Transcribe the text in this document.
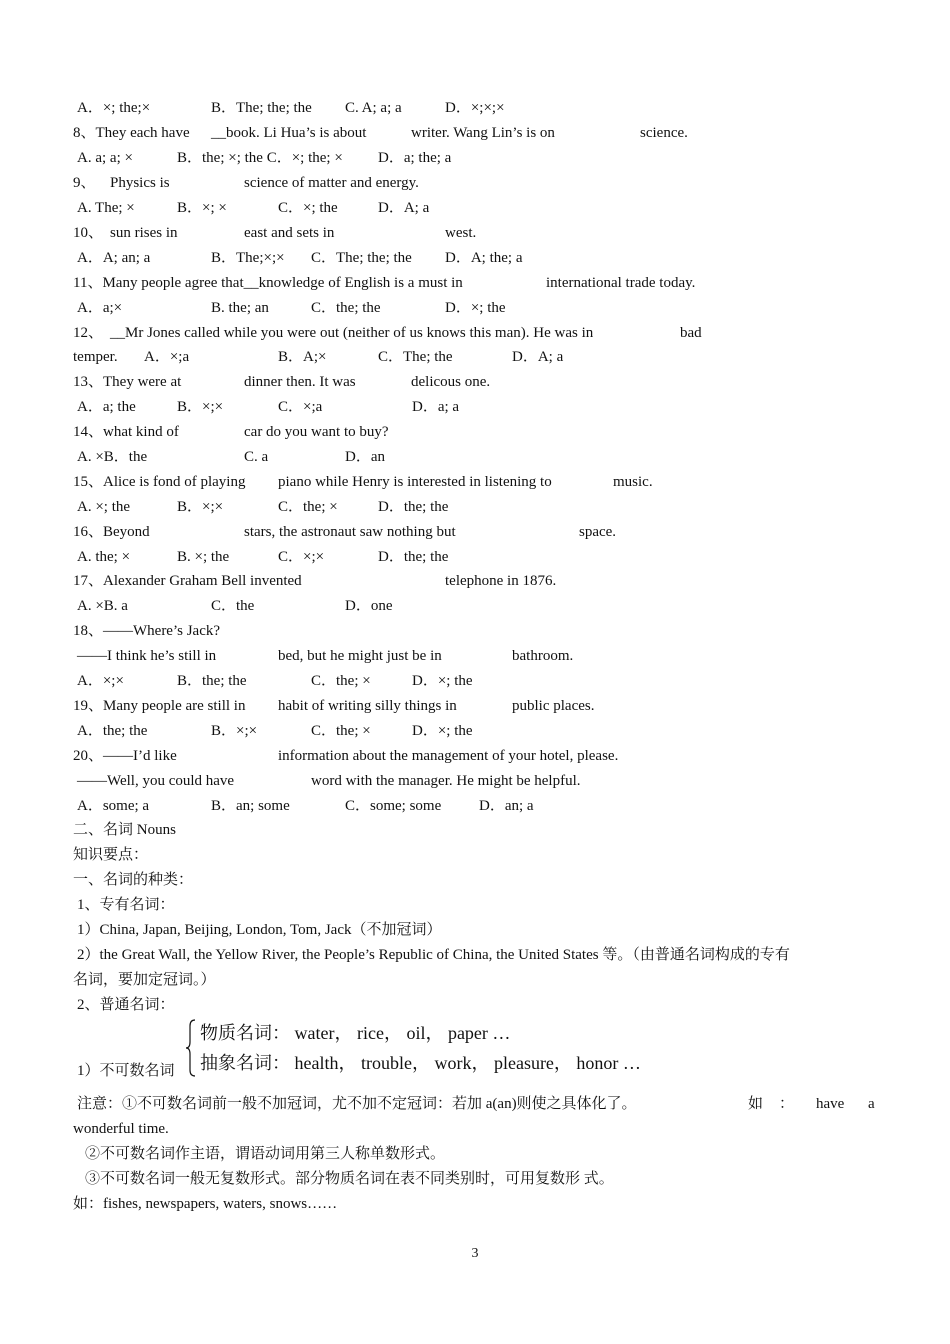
A．×; the;×	B．The; the; the C. A; a; a	D．×;×;×
8、They each have __book. Li Hua’s is about	writer. Wang Lin’s is on	science.
A. a; a; ×	B．the; ×; the C．×; the; × D．a; the; a
9、 Physics is	science of matter and energy.
A. The; ×	B．×; ×	C．×; the	D．A; a
10、 sun rises in	east and sets in	west.
A．A; an; a	B．The;×;× C．The; the; the D．A; the; a
11、Many people agree that__knowledge of English is a must in	international trade today.
A．a;×	B. the; an	C．the; the	D．×; the
12、 __Mr Jones called while you were out (neither of us knows this man). He was in	bad
temper. A．×;a	B．A;×	C．The; the	D．A; a
13、They were at	dinner then. It was	delicous one.
A．a; the	B．×;×	C．×;a	D．a; a
14、what kind of	car do you want to buy?
A. ×B．the	C. a	D．an
15、Alice is fond of playing piano while Henry is interested in listening to	music.
A. ×; the	B．×;×	C．the; ×	D．the; the
16、Beyond	stars, the astronaut saw nothing but	space.
A. the; ×	B. ×; the	C．×;×	D．the; the
17、Alexander Graham Bell invented	telephone in 1876.
A. ×B. a	C．the	D．one
18、——Where’s Jack?
——I think he’s still in	bed, but he might just be in	bathroom.
A．×;×	B．the; the	C．the; ×	D．×; the
19、Many people are still in habit of writing silly things in	public places.
A．the; the	B．×;×	C．the; ×	D．×; the
20、——I’d like	information about the management of your hotel, please.
——Well, you could have	word with the manager. He might be helpful.
A．some; a	B．an; some	C．some; some	D．an; a
二、名词 Nouns
知识要点：
一、名词的种类：
1、专有名词：
1）China, Japan, Beijing, London, Tom, Jack（不加冠词）
2）the Great Wall, the Yellow River, the People’s Republic of China, the United States 等。（由普通名词构成的专有
名词，要加定冠词。）
2、普通名词：
物质名词： water， rice， oil， paper …
抽象名词： health， trouble， work， pleasure， honor …
1）不可数名词
注意：①不可数名词前一般不加冠词，尤不加不定冠词：若加 a(an)则使之具体化了。	如 ： have a
wonderful time.
②不可数名词作主语，谓语动词用第三人称单数形式。
③不可数名词一般无复数形式。部分物质名词在表不同类别时，可用复数形 式。
如：fishes, newspapers, waters, snows……
3
